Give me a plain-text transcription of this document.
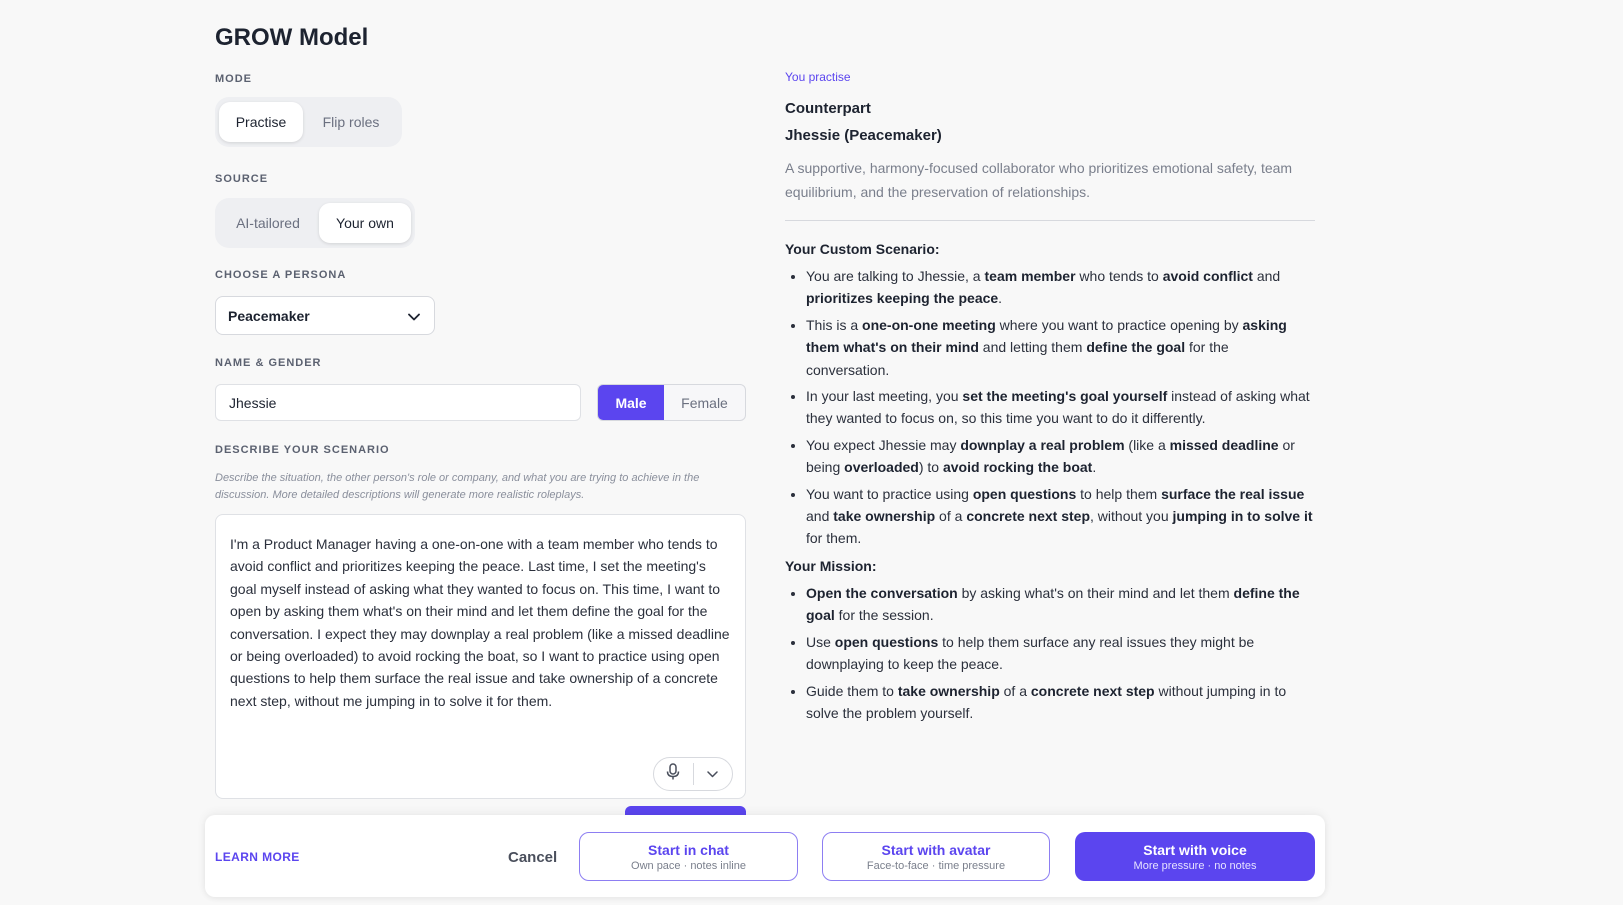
GROW Model
MODE
Practise	Flip roles
SOURCE
AI-tailored	Your own
CHOOSE A PERSONA
Peacemaker
NAME & GENDER
Jhessie
Male	Female
DESCRIBE YOUR SCENARIO
Describe the situation, the other person's role or company, and what you are trying to achieve in the discussion. More detailed descriptions will generate more realistic roleplays.
I'm a Product Manager having a one-on-one with a team member who tends to avoid conflict and prioritizes keeping the peace. Last time, I set the meeting's goal myself instead of asking what they wanted to focus on. This time, I want to open by asking them what's on their mind and let them define the goal for the conversation. I expect they may downplay a real problem (like a missed deadline or being overloaded) to avoid rocking the boat, so I want to practice using open questions to help them surface the real issue and take ownership of a concrete next step, without me jumping in to solve it for them.
You practise
Counterpart
Jhessie (Peacemaker)
A supportive, harmony-focused collaborator who prioritizes emotional safety, team equilibrium, and the preservation of relationships.
Your Custom Scenario:
• You are talking to Jhessie, a team member who tends to avoid conflict and prioritizes keeping the peace.
• This is a one-on-one meeting where you want to practice opening by asking them what's on their mind and letting them define the goal for the conversation.
• In your last meeting, you set the meeting's goal yourself instead of asking what they wanted to focus on, so this time you want to do it differently.
• You expect Jhessie may downplay a real problem (like a missed deadline or being overloaded) to avoid rocking the boat.
• You want to practice using open questions to help them surface the real issue and take ownership of a concrete next step, without you jumping in to solve it for them.
Your Mission:
• Open the conversation by asking what's on their mind and let them define the goal for the session.
• Use open questions to help them surface any real issues they might be downplaying to keep the peace.
• Guide them to take ownership of a concrete next step without jumping in to solve the problem yourself.
LEARN MORE	Cancel	Start in chat
Own pace · notes inline
Start with avatar
Face-to-face · time pressure
Start with voice
More pressure · no notes
